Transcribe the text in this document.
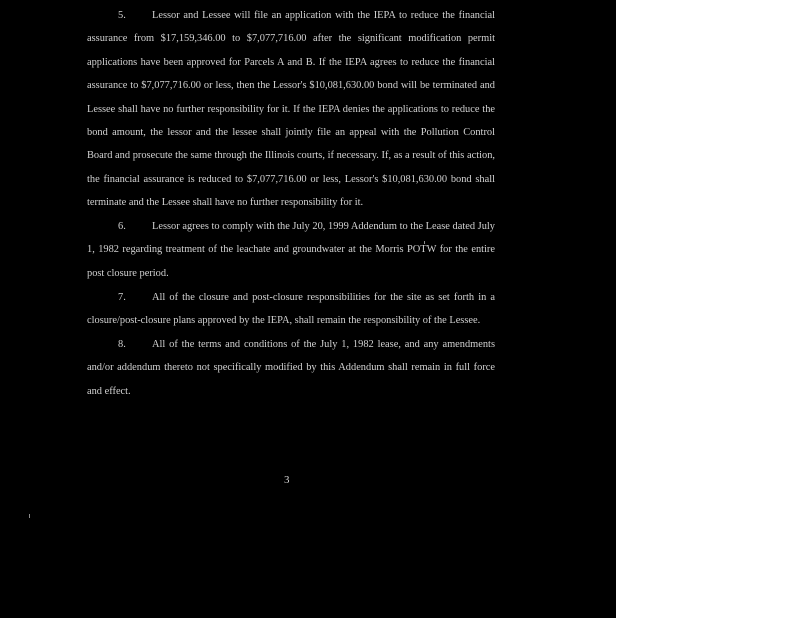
5.	Lessor and Lessee will file an application with the IEPA to reduce the financial assurance from $17,159,346.00 to $7,077,716.00 after the significant modification permit applications have been approved for Parcels A and B. If the IEPA agrees to reduce the financial assurance to $7,077,716.00 or less, then the Lessor's $10,081,630.00 bond will be terminated and Lessee shall have no further responsibility for it. If the IEPA denies the applications to reduce the bond amount, the lessor and the lessee shall jointly file an appeal with the Pollution Control Board and prosecute the same through the Illinois courts, if necessary. If, as a result of this action, the financial assurance is reduced to $7,077,716.00 or less, Lessor's $10,081,630.00 bond shall terminate and the Lessee shall have no further responsibility for it.

6.	Lessor agrees to comply with the July 20, 1999 Addendum to the Lease dated July 1, 1982 regarding treatment of the leachate and groundwater at the Morris POTW for the entire post closure period.

7.	All of the closure and post-closure responsibilities for the site as set forth in a closure/post-closure plans approved by the IEPA, shall remain the responsibility of the Lessee.

8.	All of the terms and conditions of the July 1, 1982 lease, and any amendments and/or addendum thereto not specifically modified by this Addendum shall remain in full force and effect.

3
